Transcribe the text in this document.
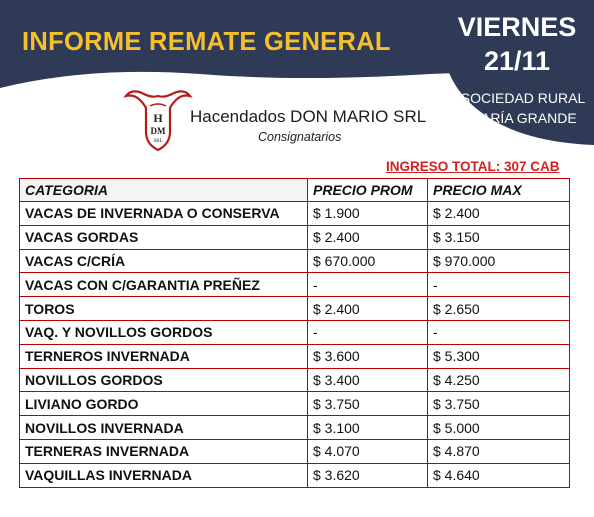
INFORME REMATE GENERAL VIERNES
21/11
SOCIEDAD RURAL
MARÍA GRANDE
H
DM
SRL
Hacendados DON MARIO SRL
Consignatarios
INGRESO TOTAL: 307 CAB
CATEGORIA	PRECIO PROM	PRECIO MAX
VACAS DE INVERNADA O CONSERVA	$ 1.900	$ 2.400
VACAS GORDAS	$ 2.400	$ 3.150
VACAS C/CRÍA	$ 670.000	$ 970.000
VACAS CON C/GARANTIA PREÑEZ	-	-
TOROS	$ 2.400	$ 2.650
VAQ. Y NOVILLOS GORDOS	-	-
TERNEROS INVERNADA	$ 3.600	$ 5.300
NOVILLOS GORDOS	$ 3.400	$ 4.250
LIVIANO GORDO	$ 3.750	$ 3.750
NOVILLOS INVERNADA	$ 3.100	$ 5.000
TERNERAS INVERNADA	$ 4.070	$ 4.870
VAQUILLAS INVERNADA	$ 3.620	$ 4.640
